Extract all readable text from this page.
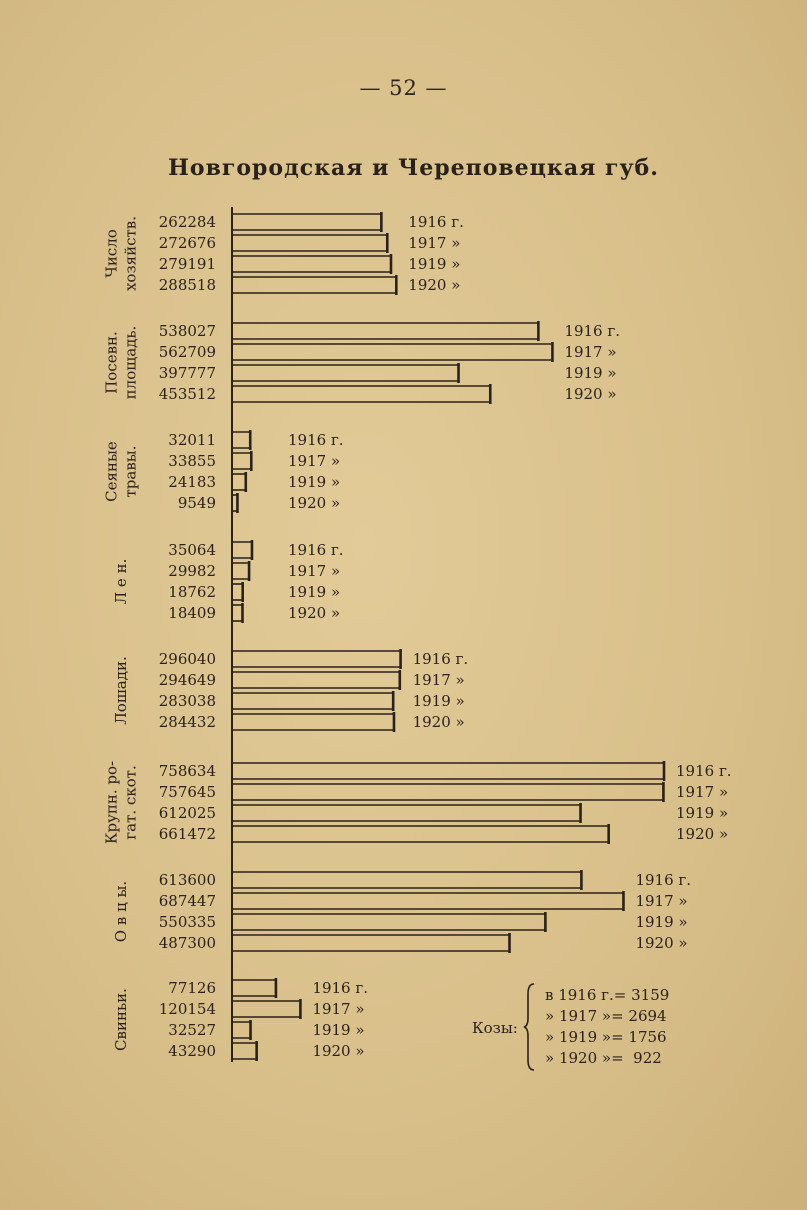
— 52 —
Новгородская и Череповецкая губ.
262284	1916 г.
272676	1917 »
279191	1919 »
288518	1920 »
Число хозяйств.
538027	1916 г.
562709	1917 »
397777	1919 »
453512	1920 »
Посевн. площадь.
32011	1916 г.
33855	1917 »
24183	1919 »
9549	1920 »
Сеяные травы.
35064	1916 г.
29982	1917 »
18762	1919 »
18409	1920 »
Л е н.
296040	1916 г.
294649	1917 »
283038	1919 »
284432	1920 »
Лошади.
758634	1916 г.
757645	1917 »
612025	1919 »
661472	1920 »
Крупн. ро- гат. скот.
613600	1916 г.
687447	1917 »
550335	1919 »
487300	1920 »
О в ц ы.
77126	1916 г.
120154	1917 »
32527	1919 »
43290	1920 »
Свиньи.	Козы:
в 1916 г.= 3159
» 1917 »= 2694
» 1919 »= 1756
» 1920 »=  922
